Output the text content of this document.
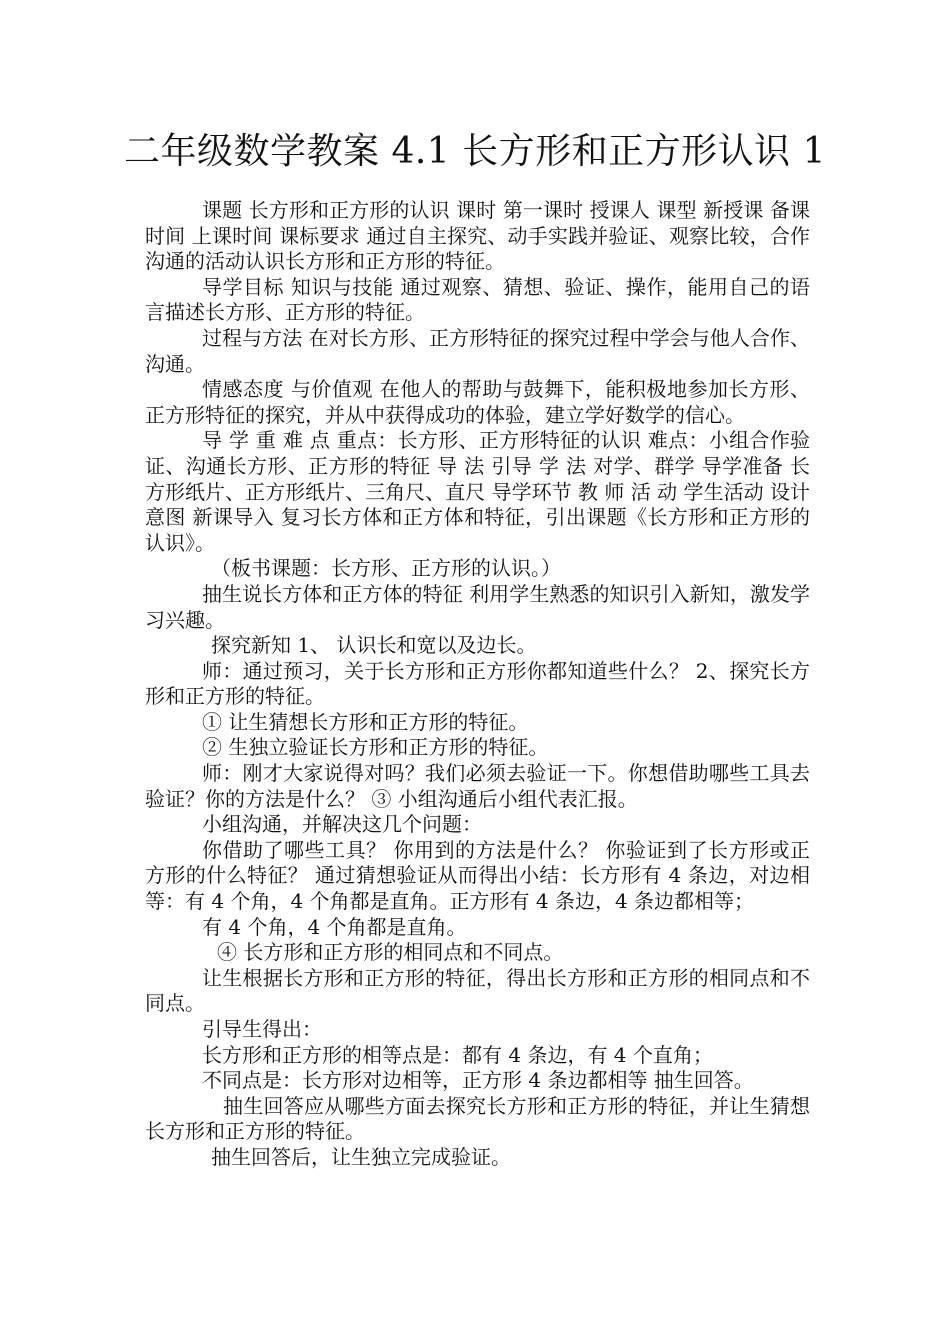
二年级数学教案 4.1 长方形和正方形认识 1

课题 长方形和正方形的认识 课时 第一课时 授课人 课型 新授课 备课时间 上课时间 课标要求 通过自主探究、动手实践并验证、观察比较，合作沟通的活动认识长方形和正方形的特征。

导学目标 知识与技能 通过观察、猜想、验证、操作，能用自己的语言描述长方形、正方形的特征。

过程与方法 在对长方形、正方形特征的探究过程中学会与他人合作、沟通。

情感态度 与价值观 在他人的帮助与鼓舞下，能积极地参加长方形、正方形特征的探究，并从中获得成功的体验，建立学好数学的信心。

导 学 重 难 点 重点：长方形、正方形特征的认识 难点：小组合作验证、沟通长方形、正方形的特征 导 法 引导 学 法 对学、群学 导学准备 长方形纸片、正方形纸片、三角尺、直尺 导学环节 教 师 活 动 学生活动 设计意图 新课导入 复习长方体和正方体和特征，引出课题《长方形和正方形的认识》。

（板书课题：长方形、正方形的认识。）

抽生说长方体和正方体的特征 利用学生熟悉的知识引入新知，激发学习兴趣。

探究新知 1、 认识长和宽以及边长。

师：通过预习，关于长方形和正方形你都知道些什么？ 2、探究长方形和正方形的特征。

① 让生猜想长方形和正方形的特征。

② 生独立验证长方形和正方形的特征。

师：刚才大家说得对吗？我们必须去验证一下。你想借助哪些工具去验证？你的方法是什么？ ③ 小组沟通后小组代表汇报。

小组沟通，并解决这几个问题：

你借助了哪些工具？ 你用到的方法是什么？ 你验证到了长方形或正方形的什么特征？ 通过猜想验证从而得出小结：长方形有 4 条边，对边相等：有 4 个角，4 个角都是直角。正方形有 4 条边，4 条边都相等；

有 4 个角，4 个角都是直角。

④ 长方形和正方形的相同点和不同点。

让生根据长方形和正方形的特征，得出长方形和正方形的相同点和不同点。

引导生得出：

长方形和正方形的相等点是：都有 4 条边，有 4 个直角；

不同点是：长方形对边相等，正方形 4 条边都相等 抽生回答。

抽生回答应从哪些方面去探究长方形和正方形的特征，并让生猜想长方形和正方形的特征。

抽生回答后，让生独立完成验证。
